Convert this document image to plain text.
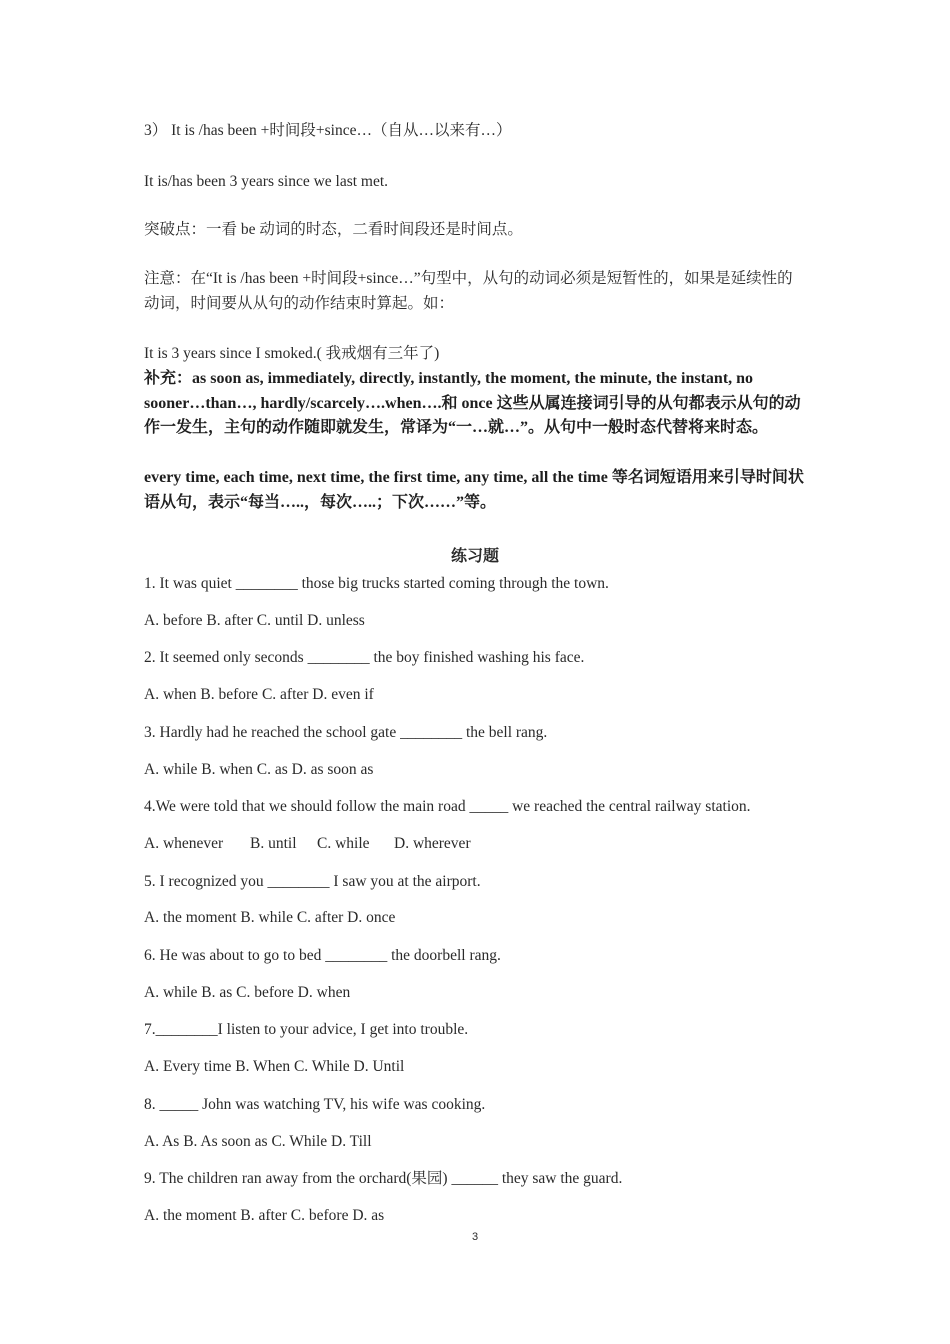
3） It is /has been +时间段+since…（自从…以来有…）
It is/has been 3 years since we last met.
突破点：一看 be 动词的时态，二看时间段还是时间点。
注意：在“It is /has been +时间段+since…”句型中，从句的动词必须是短暂性的，如果是延续性的动词，时间要从从句的动作结束时算起。如：
It is 3 years since I smoked.( 我戒烟有三年了)
补充：as soon as, immediately, directly, instantly, the moment, the minute, the instant, no sooner…than…, hardly/scarcely….when….和 once 这些从属连接词引导的从句都表示从句的动作一发生，主句的动作随即就发生，常译为“一…就…”。从句中一般时态代替将来时态。
every time, each time, next time, the first time, any time, all the time 等名词短语用来引导时间状语从句，表示“每当…..，每次…..；下次……”等。
练习题
1. It was quiet ________ those big trucks started coming through the town.
A. before B. after C. until D. unless
2. It seemed only seconds ________ the boy finished washing his face.
A. when B. before C. after D. even if
3. Hardly had he reached the school gate ________ the bell rang.
A. while B. when C. as D. as soon as
4.We were told that we should follow the main road _____ we reached the central railway station.
A. whenever B. until C. while D. wherever
5. I recognized you ________ I saw you at the airport.
A. the moment B. while C. after D. once
6. He was about to go to bed ________ the doorbell rang.
A. while B. as C. before D. when
7.________I listen to your advice, I get into trouble.
A. Every time B. When C. While D. Until
8. _____ John was watching TV, his wife was cooking.
A. As B. As soon as C. While D. Till
9. The children ran away from the orchard(果园) ______ they saw the guard.
A. the moment B. after C. before D. as
3
